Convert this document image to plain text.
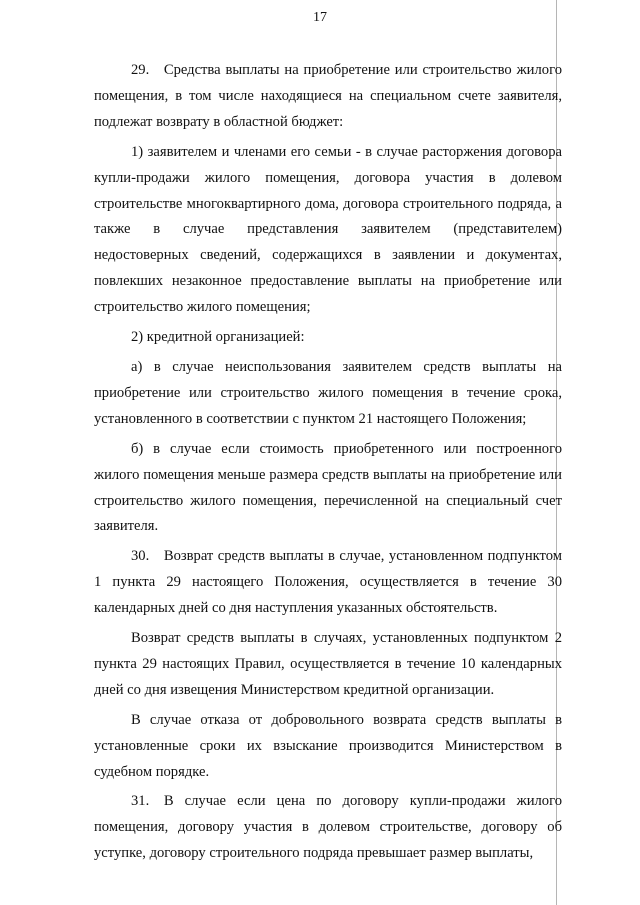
17

29. Средства выплаты на приобретение или строительство жилого помещения, в том числе находящиеся на специальном счете заявителя, подлежат возврату в областной бюджет:

1) заявителем и членами его семьи - в случае расторжения договора купли-продажи жилого помещения, договора участия в долевом строительстве многоквартирного дома, договора строительного подряда, а также в случае представления заявителем (представителем) недостоверных сведений, содержащихся в заявлении и документах, повлекших незаконное предоставление выплаты на приобретение или строительство жилого помещения;

2) кредитной организацией:

а) в случае неиспользования заявителем средств выплаты на приобретение или строительство жилого помещения в течение срока, установленного в соответствии с пунктом 21 настоящего Положения;

б) в случае если стоимость приобретенного или построенного жилого помещения меньше размера средств выплаты на приобретение или строительство жилого помещения, перечисленной на специальный счет заявителя.

30. Возврат средств выплаты в случае, установленном подпунктом 1 пункта 29 настоящего Положения, осуществляется в течение 30 календарных дней со дня наступления указанных обстоятельств.

Возврат средств выплаты в случаях, установленных подпунктом 2 пункта 29 настоящих Правил, осуществляется в течение 10 календарных дней со дня извещения Министерством кредитной организации.

В случае отказа от добровольного возврата средств выплаты в установленные сроки их взыскание производится Министерством в судебном порядке.

31. В случае если цена по договору купли-продажи жилого помещения, договору участия в долевом строительстве, договору об уступке, договору строительного подряда превышает размер выплаты,
